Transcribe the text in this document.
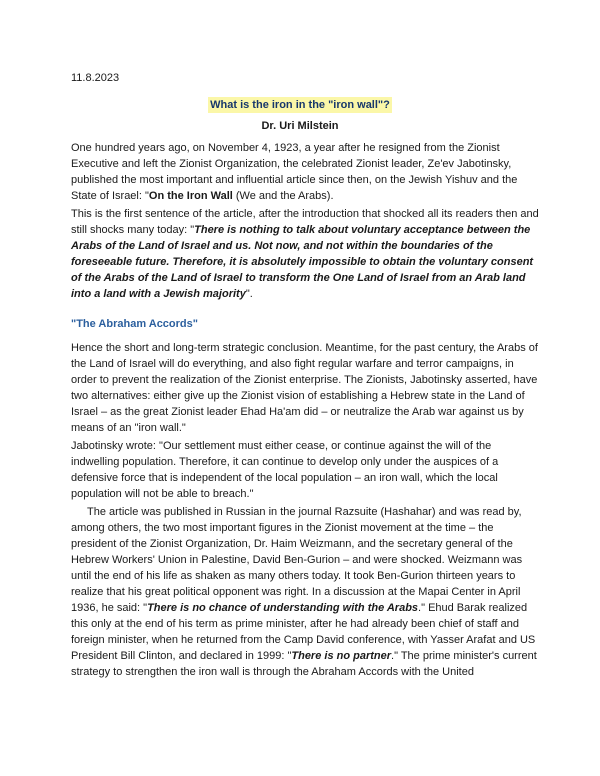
11.8.2023
What is the iron in the "iron wall"?
Dr. Uri Milstein

One hundred years ago, on November 4, 1923, a year after he resigned from the Zionist Executive and left the Zionist Organization, the celebrated Zionist leader, Ze'ev Jabotinsky, published the most important and influential article since then, on the Jewish Yishuv and the State of Israel: "On the Iron Wall (We and the Arabs).

This is the first sentence of the article, after the introduction that shocked all its readers then and still shocks many today: "There is nothing to talk about voluntary acceptance between the Arabs of the Land of Israel and us. Not now, and not within the boundaries of the foreseeable future. Therefore, it is absolutely impossible to obtain the voluntary consent of the Arabs of the Land of Israel to transform the One Land of Israel from an Arab land into a land with a Jewish majority".

"The Abraham Accords"

Hence the short and long-term strategic conclusion. Meantime, for the past century, the Arabs of the Land of Israel will do everything, and also fight regular warfare and terror campaigns, in order to prevent the realization of the Zionist enterprise. The Zionists, Jabotinsky asserted, have two alternatives: either give up the Zionist vision of establishing a Hebrew state in the Land of Israel – as the great Zionist leader Ehad Ha'am did – or neutralize the Arab war against us by means of an "iron wall."

Jabotinsky wrote: "Our settlement must either cease, or continue against the will of the indwelling population. Therefore, it can continue to develop only under the auspices of a defensive force that is independent of the local population – an iron wall, which the local population will not be able to breach."

The article was published in Russian in the journal Razsuite (Hashahar) and was read by, among others, the two most important figures in the Zionist movement at the time – the president of the Zionist Organization, Dr. Haim Weizmann, and the secretary general of the Hebrew Workers' Union in Palestine, David Ben-Gurion – and were shocked. Weizmann was until the end of his life as shaken as many others today. It took Ben-Gurion thirteen years to realize that his great political opponent was right. In a discussion at the Mapai Center in April 1936, he said: "There is no chance of understanding with the Arabs." Ehud Barak realized this only at the end of his term as prime minister, after he had already been chief of staff and foreign minister, when he returned from the Camp David conference, with Yasser Arafat and US President Bill Clinton, and declared in 1999: "There is no partner." The prime minister's current strategy to strengthen the iron wall is through the Abraham Accords with the United
